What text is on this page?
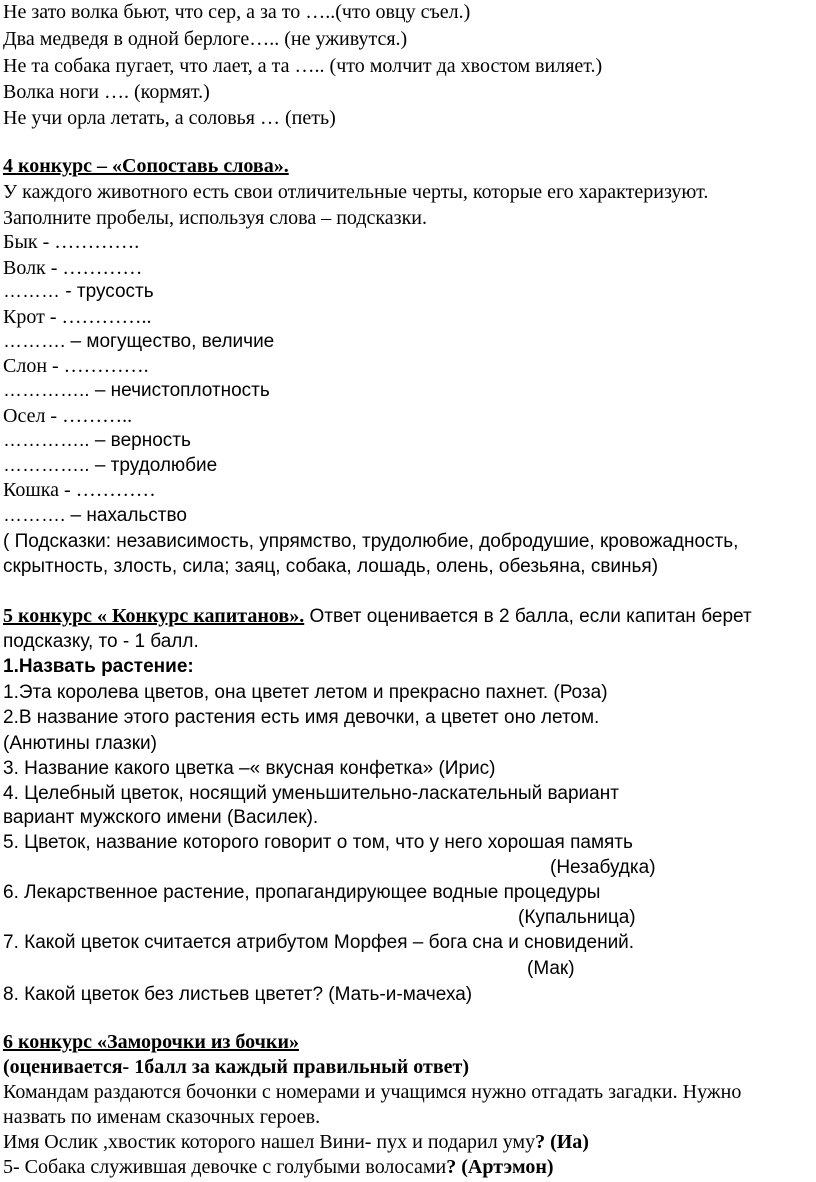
Не зато волка бьют, что сер, а за то …..(что овцу съел.)
Два медведя в одной берлоге….. (не уживутся.)
Не та собака пугает, что лает, а та ….. (что молчит да хвостом виляет.)
Волка ноги …. (кормят.)
Не учи орла летать, а соловья … (петь)
4 конкурс – «Сопоставь слова».
У каждого животного есть свои отличительные черты, которые его характеризуют.
Заполните пробелы, используя слова – подсказки.
Бык - ………….
Волк - …………
……… - трусость
Крот - …………..
………. – могущество, величие
Слон - ………….
………….. – нечистоплотность
Осел - ………..
………….. – верность
………….. – трудолюбие
Кошка - …………
………. – нахальство
( Подсказки: независимость, упрямство, трудолюбие, добродушие, кровожадность,
скрытность, злость, сила; заяц, собака, лошадь, олень, обезьяна, свинья)
5 конкурс « Конкурс капитанов». Ответ оценивается в 2 балла, если капитан берет
подсказку, то - 1 балл.
1.Назвать растение:
1.Эта королева цветов, она цветет летом и прекрасно пахнет. (Роза)
2.В название этого растения есть имя девочки, а цветет оно летом.
(Анютины глазки)
3. Название какого цветка –« вкусная конфетка» (Ирис)
4. Целебный цветок, носящий уменьшительно-ласкательный вариант
вариант мужского имени (Василек).
5. Цветок, название которого говорит о том, что у него хорошая память
(Незабудка)
6. Лекарственное растение, пропагандирующее водные процедуры
(Купальница)
7. Какой цветок считается атрибутом Морфея – бога сна и сновидений.
(Мак)
8. Какой цветок без листьев цветет? (Мать-и-мачеха)
6 конкурс «Заморочки из бочки»
(оценивается- 1балл за каждый правильный ответ)
Командам раздаются бочонки с номерами и учащимся нужно отгадать загадки. Нужно
назвать по именам сказочных героев.
Имя Ослик ,хвостик которого нашел Вини- пух и подарил уму? (Иа)
5- Собака служившая девочке с голубыми волосами? (Артэмон)
